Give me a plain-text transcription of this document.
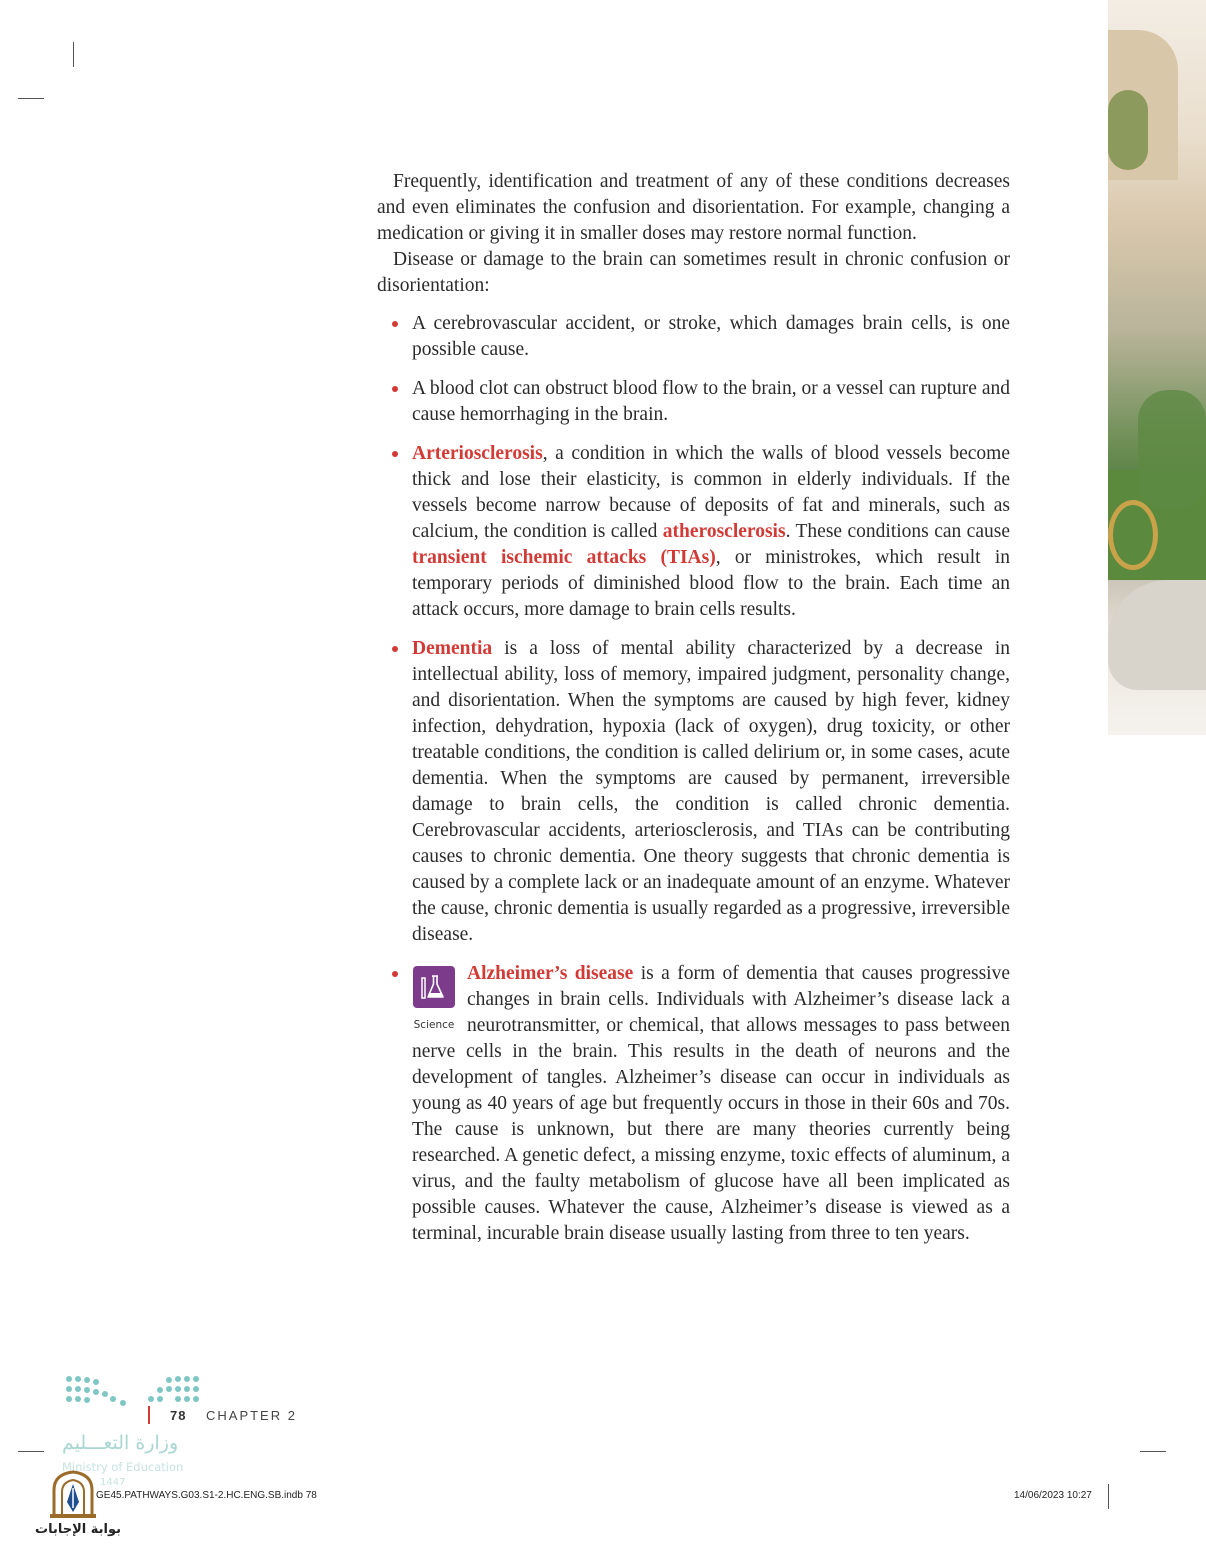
Frequently, identification and treatment of any of these conditions decreases and even eliminates the confusion and disorientation. For example, changing a medication or giving it in smaller doses may restore normal function.

Disease or damage to the brain can sometimes result in chronic confusion or disorientation:

A cerebrovascular accident, or stroke, which damages brain cells, is one possible cause.
A blood clot can obstruct blood flow to the brain, or a vessel can rupture and cause hemorrhaging in the brain.
Arteriosclerosis, a condition in which the walls of blood vessels become thick and lose their elasticity, is common in elderly individuals. If the vessels become narrow because of deposits of fat and minerals, such as calcium, the condition is called atherosclerosis. These conditions can cause transient ischemic attacks (TIAs), or ministrokes, which result in temporary periods of diminished blood flow to the brain. Each time an attack occurs, more damage to brain cells results.
Dementia is a loss of mental ability characterized by a decrease in intellectual ability, loss of memory, impaired judgment, personality change, and disorientation. When the symptoms are caused by high fever, kidney infection, dehydration, hypoxia (lack of oxygen), drug toxicity, or other treatable conditions, the condition is called delirium or, in some cases, acute dementia. When the symptoms are caused by permanent, irreversible damage to brain cells, the condition is called chronic dementia. Cerebrovascular accidents, arteriosclerosis, and TIAs can be contributing causes to chronic dementia. One theory suggests that chronic dementia is caused by a complete lack or an inadequate amount of an enzyme. Whatever the cause, chronic dementia is usually regarded as a progressive, irreversible disease.
Science
Alzheimer’s disease is a form of dementia that causes progressive changes in brain cells. Individuals with Alzheimer’s disease lack a neurotransmitter, or chemical, that allows messages to pass between nerve cells in the brain. This results in the death of neurons and the development of tangles. Alzheimer’s disease can occur in individuals as young as 40 years of age but frequently occurs in those in their 60s and 70s. The cause is unknown, but there are many theories currently being researched. A genetic defect, a missing enzyme, toxic effects of aluminum, a virus, and the faulty metabolism of glucose have all been implicated as possible causes. Whatever the cause, Alzheimer’s disease is viewed as a terminal, incurable brain disease usually lasting from three to ten years.
78 CHAPTER 2
وزارة التعـــليم
Ministry of Education
1447
GE45.PATHWAYS.G03.S1-2.HC.ENG.SB.indb 78	14/06/2023 10:27
بوابة الإجابات
